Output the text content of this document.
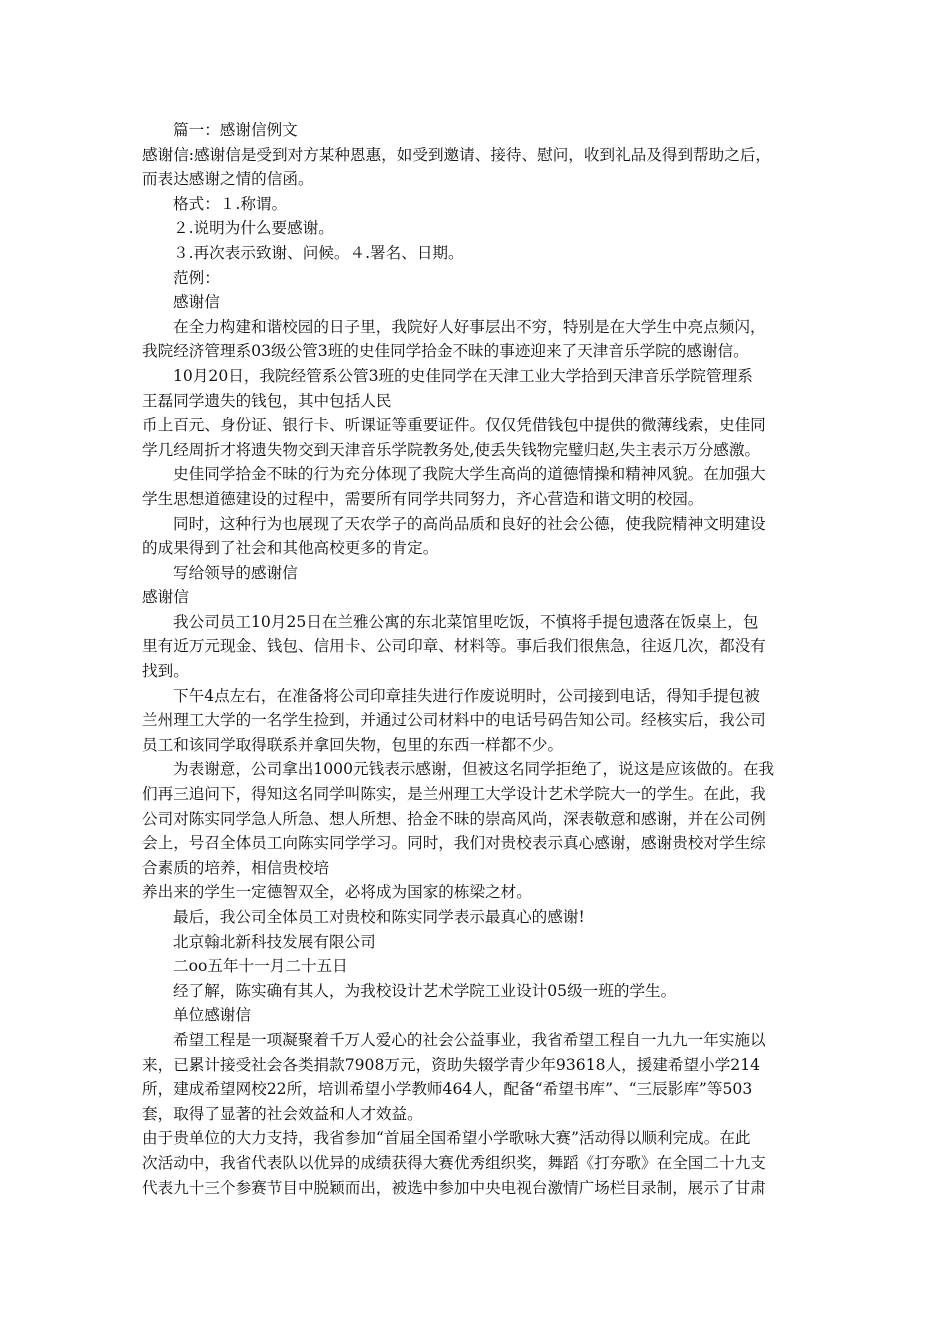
篇一：感谢信例文

感谢信:感谢信是受到对方某种恩惠，如受到邀请、接待、慰问，收到礼品及得到帮助之后，

而表达感谢之情的信函。

格式：１.称谓。

２.说明为什么要感谢。

３.再次表示致谢、问候。４.署名、日期。

范例：

感谢信

在全力构建和谐校园的日子里，我院好人好事层出不穷，特别是在大学生中亮点频闪，

我院经济管理系03级公管3班的史佳同学拾金不昧的事迹迎来了天津音乐学院的感谢信。

10月20日，我院经管系公管3班的史佳同学在天津工业大学拾到天津音乐学院管理系

王磊同学遗失的钱包，其中包括人民

币上百元、身份证、银行卡、听课证等重要证件。仅仅凭借钱包中提供的微薄线索，史佳同

学几经周折才将遗失物交到天津音乐学院教务处,使丢失钱物完璧归赵,失主表示万分感激。

史佳同学拾金不昧的行为充分体现了我院大学生高尚的道德情操和精神风貌。在加强大

学生思想道德建设的过程中，需要所有同学共同努力，齐心营造和谐文明的校园。

同时，这种行为也展现了天农学子的高尚品质和良好的社会公德，使我院精神文明建设

的成果得到了社会和其他高校更多的肯定。

写给领导的感谢信

感谢信

我公司员工10月25日在兰雅公寓的东北菜馆里吃饭，不慎将手提包遗落在饭桌上，包

里有近万元现金、钱包、信用卡、公司印章、材料等。事后我们很焦急，往返几次，都没有

找到。

下午4点左右，在准备将公司印章挂失进行作废说明时，公司接到电话，得知手提包被

兰州理工大学的一名学生捡到，并通过公司材料中的电话号码告知公司。经核实后，我公司

员工和该同学取得联系并拿回失物，包里的东西一样都不少。

为表谢意，公司拿出1000元钱表示感谢，但被这名同学拒绝了，说这是应该做的。在我

们再三追问下，得知这名同学叫陈实，是兰州理工大学设计艺术学院大一的学生。在此，我

公司对陈实同学急人所急、想人所想、拾金不昧的崇高风尚，深表敬意和感谢，并在公司例

会上，号召全体员工向陈实同学学习。同时，我们对贵校表示真心感谢，感谢贵校对学生综

合素质的培养，相信贵校培

养出来的学生一定德智双全，必将成为国家的栋梁之材。

最后，我公司全体员工对贵校和陈实同学表示最真心的感谢!

北京翰北新科技发展有限公司

二oo五年十一月二十五日

经了解，陈实确有其人，为我校设计艺术学院工业设计05级一班的学生。

单位感谢信

希望工程是一项凝聚着千万人爱心的社会公益事业，我省希望工程自一九九一年实施以

来，已累计接受社会各类捐款7908万元，资助失辍学青少年93618人，援建希望小学214

所，建成希望网校22所，培训希望小学教师464人，配备“希望书库”、“三辰影库”等503

套，取得了显著的社会效益和人才效益。

由于贵单位的大力支持，我省参加“首届全国希望小学歌咏大赛”活动得以顺利完成。在此

次活动中，我省代表队以优异的成绩获得大赛优秀组织奖，舞蹈《打夯歌》在全国二十九支

代表九十三个参赛节目中脱颖而出，被选中参加中央电视台激情广场栏目录制，展示了甘肃
